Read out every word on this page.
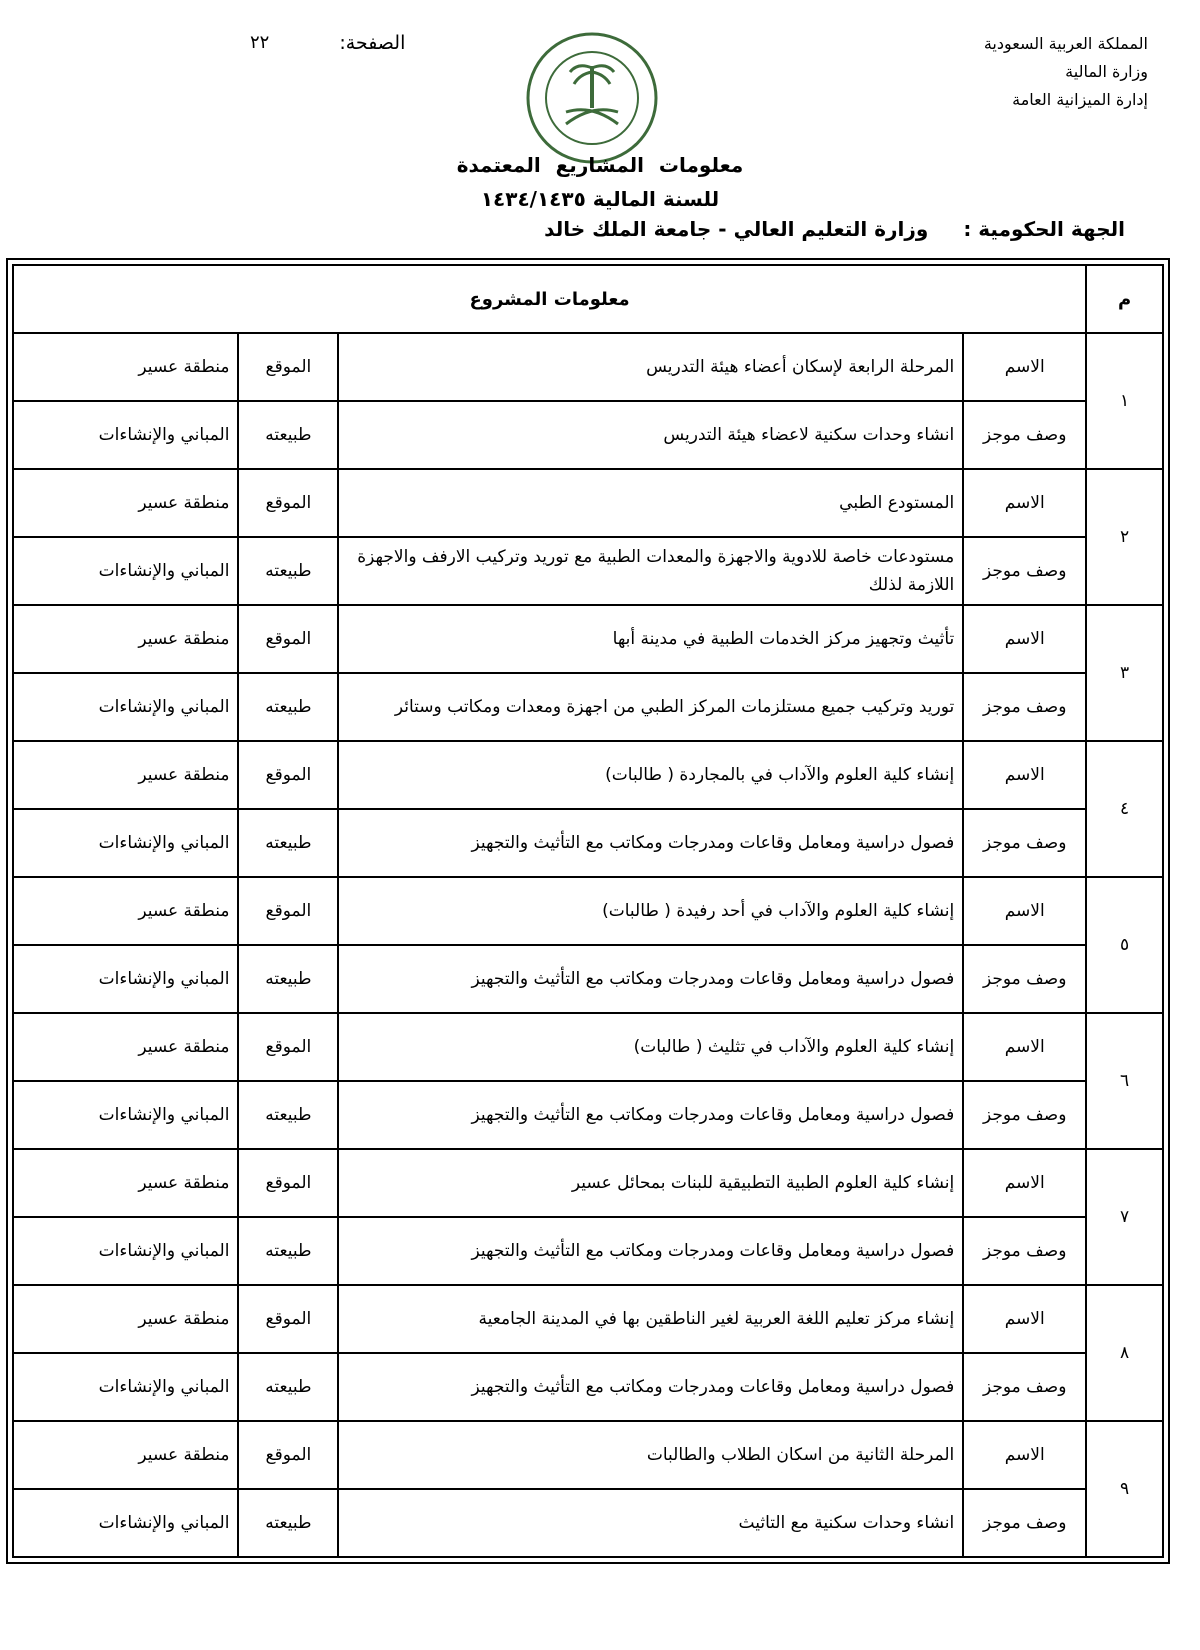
المملكة العربية السعودية
وزارة المالية
إدارة الميزانية العامة
الصفحة:
٢٢
معلومات المشاريع المعتمدة
للسنة المالية ١٤٣٤/١٤٣٥
الجهة الحكومية : وزارة التعليم العالي - جامعة الملك خالد
م	معلومات المشروع			
١	الاسم	المرحلة الرابعة لإسكان أعضاء هيئة التدريس	الموقع	منطقة عسير
	وصف موجز	انشاء وحدات سكنية لاعضاء هيئة التدريس	طبيعته	المباني والإنشاءات
٢	الاسم	المستودع الطبي	الموقع	منطقة عسير
	وصف موجز	مستودعات خاصة للادوية والاجهزة والمعدات الطبية مع توريد وتركيب الارفف والاجهزة اللازمة لذلك	طبيعته	المباني والإنشاءات
٣	الاسم	تأثيث وتجهيز مركز الخدمات الطبية في مدينة أبها	الموقع	منطقة عسير
	وصف موجز	توريد وتركيب جميع مستلزمات المركز الطبي من اجهزة ومعدات ومكاتب وستائر	طبيعته	المباني والإنشاءات
٤	الاسم	إنشاء كلية العلوم والآداب في بالمجاردة ( طالبات)	الموقع	منطقة عسير
	وصف موجز	فصول دراسية ومعامل وقاعات ومدرجات ومكاتب مع التأثيث والتجهيز	طبيعته	المباني والإنشاءات
٥	الاسم	إنشاء كلية العلوم والآداب في أحد رفيدة ( طالبات)	الموقع	منطقة عسير
	وصف موجز	فصول دراسية ومعامل وقاعات ومدرجات ومكاتب مع التأثيث والتجهيز	طبيعته	المباني والإنشاءات
٦	الاسم	إنشاء كلية العلوم والآداب في تثليث ( طالبات)	الموقع	منطقة عسير
	وصف موجز	فصول دراسية ومعامل وقاعات ومدرجات ومكاتب مع التأثيث والتجهيز	طبيعته	المباني والإنشاءات
٧	الاسم	إنشاء كلية العلوم الطبية التطبيقية للبنات بمحائل عسير	الموقع	منطقة عسير
	وصف موجز	فصول دراسية ومعامل وقاعات ومدرجات ومكاتب مع التأثيث والتجهيز	طبيعته	المباني والإنشاءات
٨	الاسم	إنشاء مركز تعليم اللغة العربية لغير الناطقين بها في المدينة الجامعية	الموقع	منطقة عسير
	وصف موجز	فصول دراسية ومعامل وقاعات ومدرجات ومكاتب مع التأثيث والتجهيز	طبيعته	المباني والإنشاءات
٩	الاسم	المرحلة الثانية من اسكان الطلاب والطالبات	الموقع	منطقة عسير
	وصف موجز	انشاء وحدات سكنية مع التاثيث	طبيعته	المباني والإنشاءات
